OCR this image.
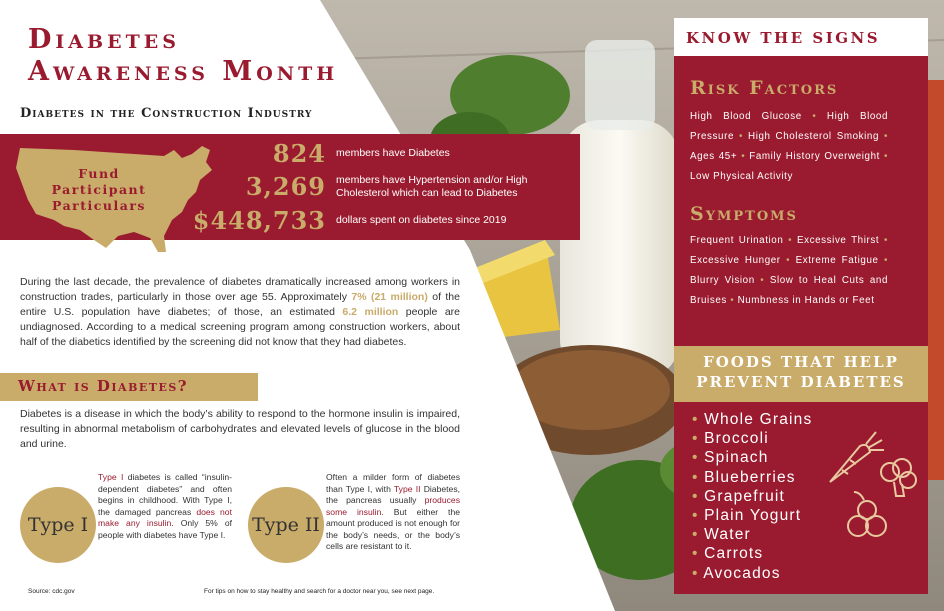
Diabetes
Awareness Month
Diabetes in the Construction Industry
Fund Participant Particulars
824 members have Diabetes
3,269 members have Hypertension and/or High Cholesterol which can lead to Diabetes
$448,733 dollars spent on diabetes since 2019

During the last decade, the prevalence of diabetes dramatically increased among workers in construction trades, particularly in those over age 55. Approximately 7% (21 million) of the entire U.S. population have diabetes; of those, an estimated 6.2 million people are undiagnosed. According to a medical screening program among construction workers, about half of the diabetics identified by the screening did not know that they had diabetes.

What is Diabetes?

Diabetes is a disease in which the body’s ability to respond to the hormone insulin is impaired, resulting in abnormal metabolism of carbohydrates and elevated levels of glucose in the blood and urine.

Type I

Type I diabetes is called “insulin-dependent diabetes” and often begins in childhood. With Type I, the damaged pancreas does not make any insulin. Only 5% of people with diabetes have Type I.	Type II

Often a milder form of diabetes than Type I, with Type II Diabetes, the pancreas usually produces some insulin. But either the amount produced is not enough for the body’s needs, or the body’s cells are resistant to it.

Source: cdc.gov	For tips on how to stay healthy and search for a doctor near you, see next page.
KNOW THE SIGNS
Risk Factors

High Blood Glucose • High Blood Pressure • High Cholesterol Smoking • Ages 45+ • Family History Overweight • Low Physical Activity

Symptoms

Frequent Urination • Excessive Thirst • Excessive Hunger • Extreme Fatigue • Blurry Vision • Slow to Heal Cuts and Bruises • Numbness in Hands or Feet

FOODS THAT HELP
PREVENT DIABETES
• Whole Grains
• Broccoli
• Spinach
• Blueberries
• Grapefruit
• Plain Yogurt
• Water
• Carrots
• Avocados
